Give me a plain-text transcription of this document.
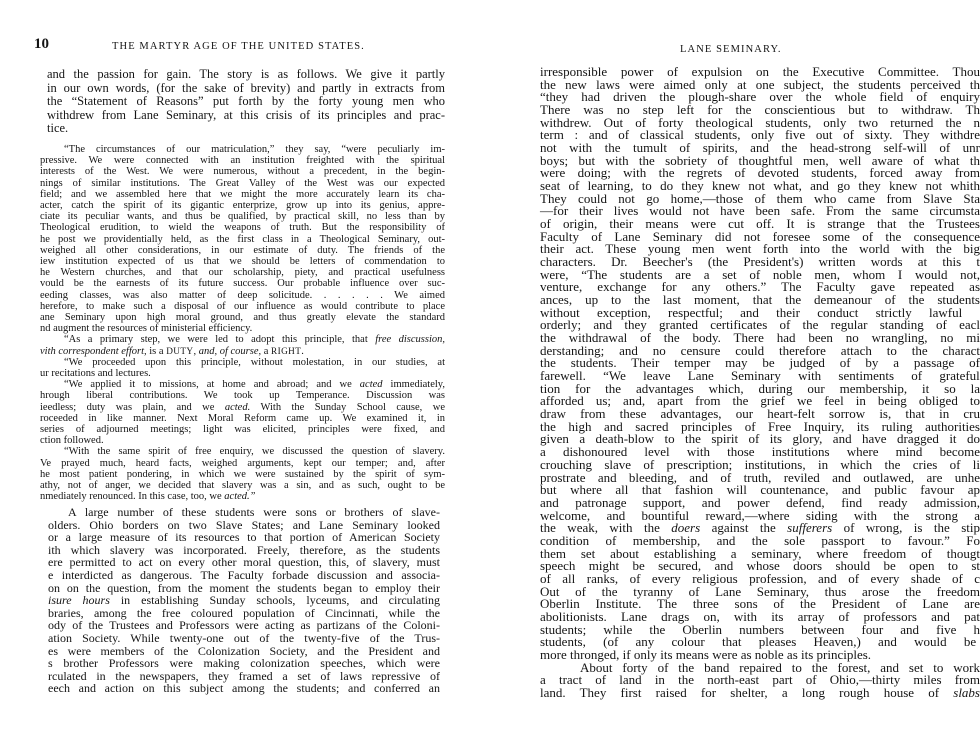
10	THE MARTYR AGE OF THE UNITED STATES.
and the passion for gain. The story is as follows. We give it partly
in our own words, (for the sake of brevity) and partly in extracts from
the “Statement of Reasons” put forth by the forty young men who
withdrew from Lane Seminary, at this crisis of its principles and prac-
tice.
“The circumstances of our matriculation,” they say, “were peculiarly im-
pressive. We were connected with an institution freighted with the spiritual
interests of the West. We were numerous, without a precedent, in the begin-
nings of similar institutions. The Great Valley of the West was our expected
field; and we assembled here that we might the more accurately learn its cha-
acter, catch the spirit of its gigantic enterprize, grow up into its genius, appre-
ciate its peculiar wants, and thus be qualified, by practical skill, no less than by
Theological erudition, to wield the weapons of truth. But the responsibility of
he post we providentially held, as the first class in a Theological Seminary, out-
weighed all other considerations, in our estimate of duty. The friends of the
iew institution expected of us that we should be letters of commendation to
he Western churches, and that our scholarship, piety, and practical usefulness
vould be the earnests of its future success. Our probable influence over suc-
eeding classes, was also matter of deep solicitude. . . . . . We aimed
herefore, to make such a disposal of our influence as would contribute to place
ane Seminary upon high moral ground, and thus greatly elevate the standard
nd augment the resources of ministerial efficiency.
“As a primary step, we were led to adopt this principle, that free discussion,
vith correspondent effort, is a DUTY, and, of course, a RIGHT.
“We proceeded upon this principle, without molestation, in our studies, at
ur recitations and lectures.
“We applied it to missions, at home and abroad; and we acted immediately,
hrough liberal contributions. We took up Temperance. Discussion was
ieedless; duty was plain, and we acted. With the Sunday School cause, we
roceeded in like manner. Next Moral Reform came up. We examined it, in
series of adjourned meetings; light was elicited, principles were fixed, and
ction followed.
“With the same spirit of free enquiry, we discussed the question of slavery.
Ve prayed much, heard facts, weighed arguments, kept our temper; and, after
he most patient pondering, in which we were sustained by the spirit of sym-
athy, not of anger, we decided that slavery was a sin, and as such, ought to be
nmediately renounced. In this case, too, we acted.”
A large number of these students were sons or brothers of slave-
olders. Ohio borders on two Slave States; and Lane Seminary looked
or a large measure of its resources to that portion of American Society
ith which slavery was incorporated. Freely, therefore, as the students
ere permitted to act on every other moral question, this, of slavery, must
e interdicted as dangerous. The Faculty forbade discussion and associa-
on on the question, from the moment the students began to employ their
isure hours in establishing Sunday schools, lyceums, and circulating
braries, among the free coloured population of Cincinnati, while the
ody of the Trustees and Professors were acting as partizans of the Coloni-
ation Society. While twenty-one out of the twenty-five of the Trus-
es were members of the Colonization Society, and the President and
s brother Professors were making colonization speeches, which were
rculated in the newspapers, they framed a set of laws repressive of
eech and action on this subject among the students; and conferred an
LANE SEMINARY.
irresponsible power of expulsion on the Executive Committee. Thou
the new laws were aimed only at one subject, the students perceived th
“they had driven the plough-share over the whole field of enquiry
There was no step left for the conscientious but to withdraw. Th
withdrew. Out of forty theological students, only two returned the n
term : and of classical students, only five out of sixty. They withdre
not with the tumult of spirits, and the head-strong self-will of unr
boys; but with the sobriety of thoughtful men, well aware of what th
were doing; with the regrets of devoted students, forced away from
seat of learning, to do they knew not what, and go they knew not whith
They could not go home,—those of them who came from Slave Sta
—for their lives would not have been safe. From the same circumsta
of origin, their means were cut off. It is strange that the Trustees
Faculty of Lane Seminary did not foresee some of the consequence
their act. These young men went forth into the world with the big
characters. Dr. Beecher's (the President's) written words at this t
were, “The students are a set of noble men, whom I would not,
venture, exchange for any others.” The Faculty gave repeated as
ances, up to the last moment, that the demeanour of the students
without exception, respectful; and their conduct strictly lawful
orderly; and they granted certificates of the regular standing of eacl
the withdrawal of the body. There had been no wrangling, no mi
derstanding; and no censure could therefore attach to the charact
the students. Their temper may be judged of by a passage of
farewell. “We leave Lane Seminary with sentiments of grateful
tion for the advantages which, during our membership, it so la
afforded us; and, apart from the grief we feel in being obliged to
draw from these advantages, our heart-felt sorrow is, that in cru
the high and sacred principles of Free Inquiry, its ruling authorities
given a death-blow to the spirit of its glory, and have dragged it do
a dishonoured level with those institutions where mind become
crouching slave of prescription; institutions, in which the cries of li
prostrate and bleeding, and of truth, reviled and outlawed, are unhe
but where all that fashion will countenance, and public favour ap
and patronage support, and power defend, find ready admission,
welcome, and bountiful reward,—where siding with the strong a
the weak, with the doers against the sufferers of wrong, is the stip
condition of membership, and the sole passport to favour.” Fo
them set about establishing a seminary, where freedom of thougt
speech might be secured, and whose doors should be open to st
of all ranks, of every religious profession, and of every shade of c
Out of the tyranny of Lane Seminary, thus arose the freedom
Oberlin Institute. The three sons of the President of Lane are
abolitionists. Lane drags on, with its array of professors and pat
students; while the Oberlin numbers between four and five h
students, (of any colour that pleases Heaven,) and would be
more thronged, if only its means were as noble as its principles.
About forty of the band repaired to the forest, and set to work
a tract of land in the north-east part of Ohio,—thirty miles from
land. They first raised for shelter, a long rough house of slabs
